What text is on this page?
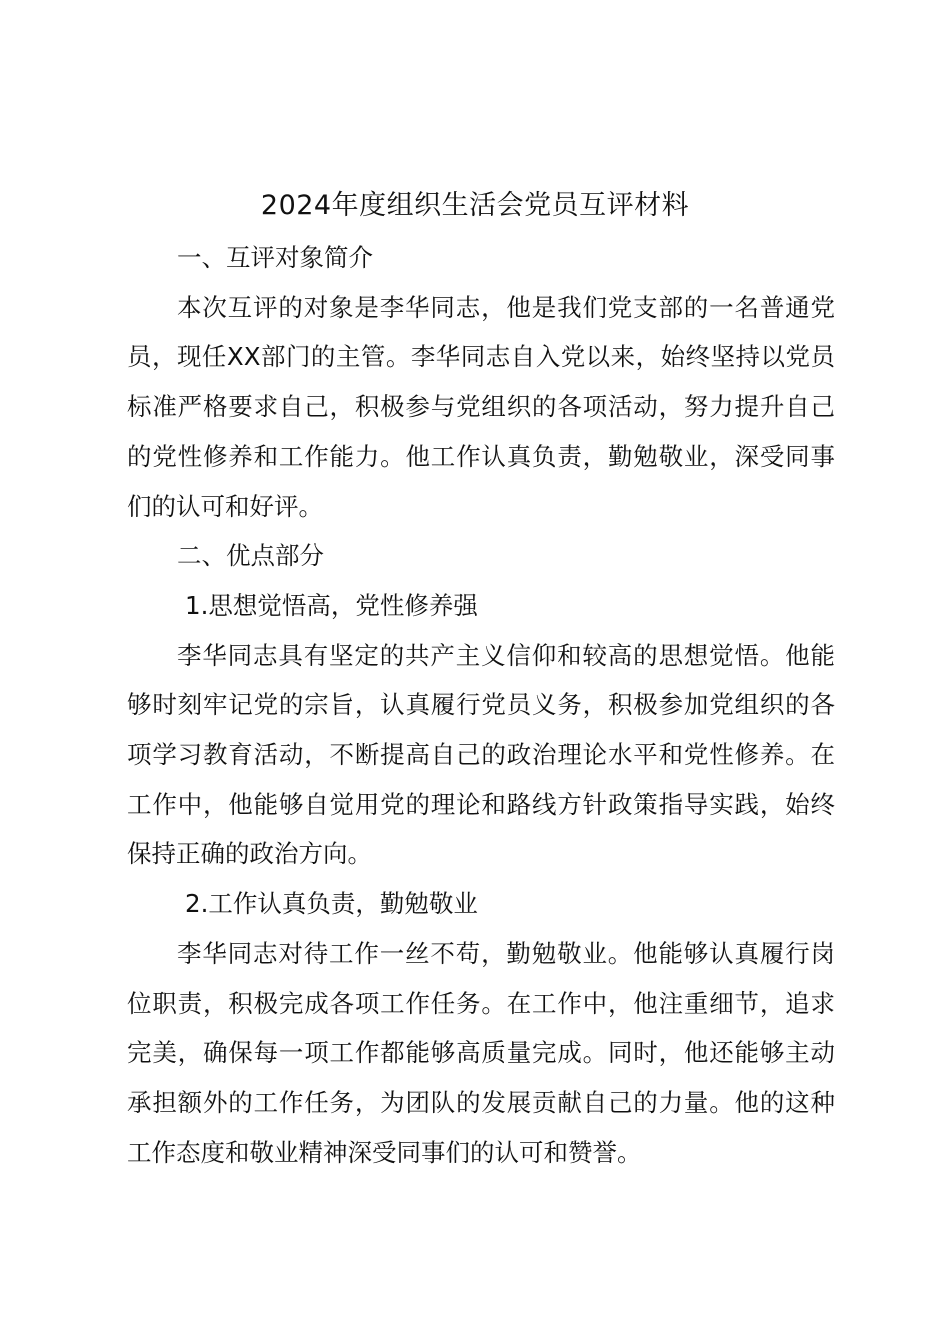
2024年度组织生活会党员互评材料

一、互评对象简介

本次互评的对象是李华同志，他是我们党支部的一名普通党员，现任XX部门的主管。李华同志自入党以来，始终坚持以党员标准严格要求自己，积极参与党组织的各项活动，努力提升自己的党性修养和工作能力。他工作认真负责，勤勉敬业，深受同事们的认可和好评。

二、优点部分

1.思想觉悟高，党性修养强

李华同志具有坚定的共产主义信仰和较高的思想觉悟。他能够时刻牢记党的宗旨，认真履行党员义务，积极参加党组织的各项学习教育活动，不断提高自己的政治理论水平和党性修养。在工作中，他能够自觉用党的理论和路线方针政策指导实践，始终保持正确的政治方向。

2.工作认真负责，勤勉敬业

李华同志对待工作一丝不苟，勤勉敬业。他能够认真履行岗位职责，积极完成各项工作任务。在工作中，他注重细节，追求完美，确保每一项工作都能够高质量完成。同时，他还能够主动承担额外的工作任务，为团队的发展贡献自己的力量。他的这种工作态度和敬业精神深受同事们的认可和赞誉。
